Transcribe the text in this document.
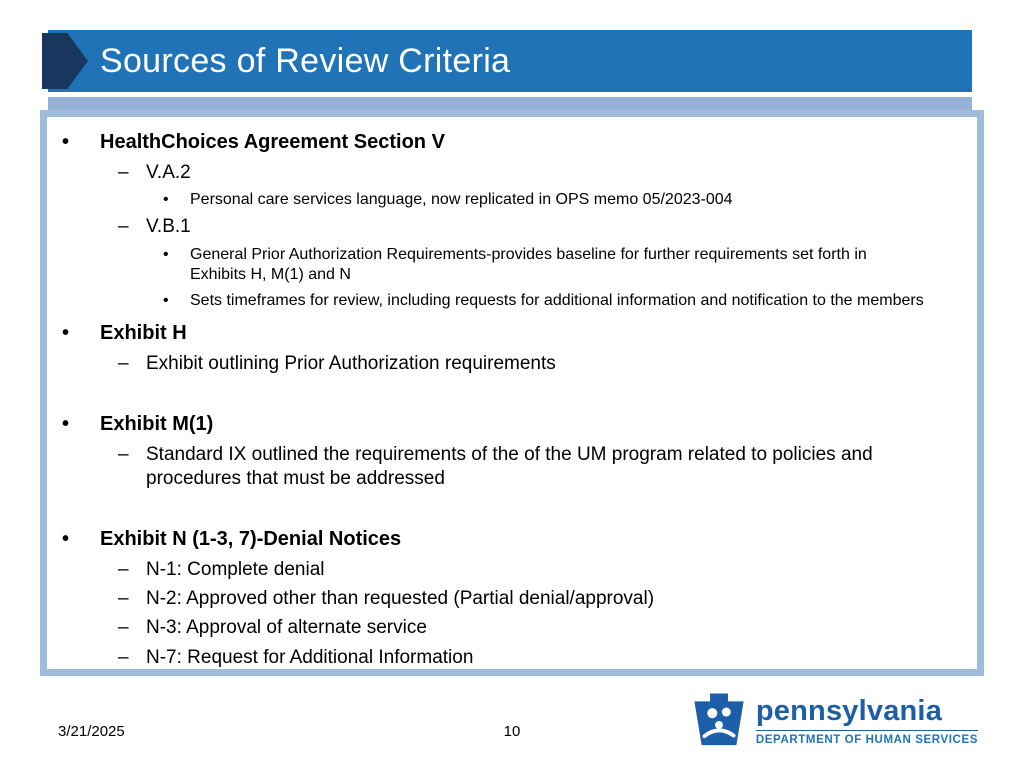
Sources of Review Criteria
•	HealthChoices Agreement Section V
– V.A.2
•	Personal care services language, now replicated in OPS memo 05/2023-004
– V.B.1
•	General Prior Authorization Requirements-provides baseline for further requirements set forth in Exhibits H, M(1) and N
•	Sets timeframes for review, including requests for additional information and notification to the members
•	Exhibit H
– Exhibit outlining Prior Authorization requirements
•	Exhibit M(1)
– Standard IX outlined the requirements of the of the UM program related to policies and procedures that must be addressed
•	Exhibit N (1-3, 7)-Denial Notices
– N-1: Complete denial
– N-2: Approved other than requested (Partial denial/approval)
– N-3: Approval of alternate service
– N-7: Request for Additional Information
3/21/2025	10
pennsylvania
DEPARTMENT OF HUMAN SERVICES
